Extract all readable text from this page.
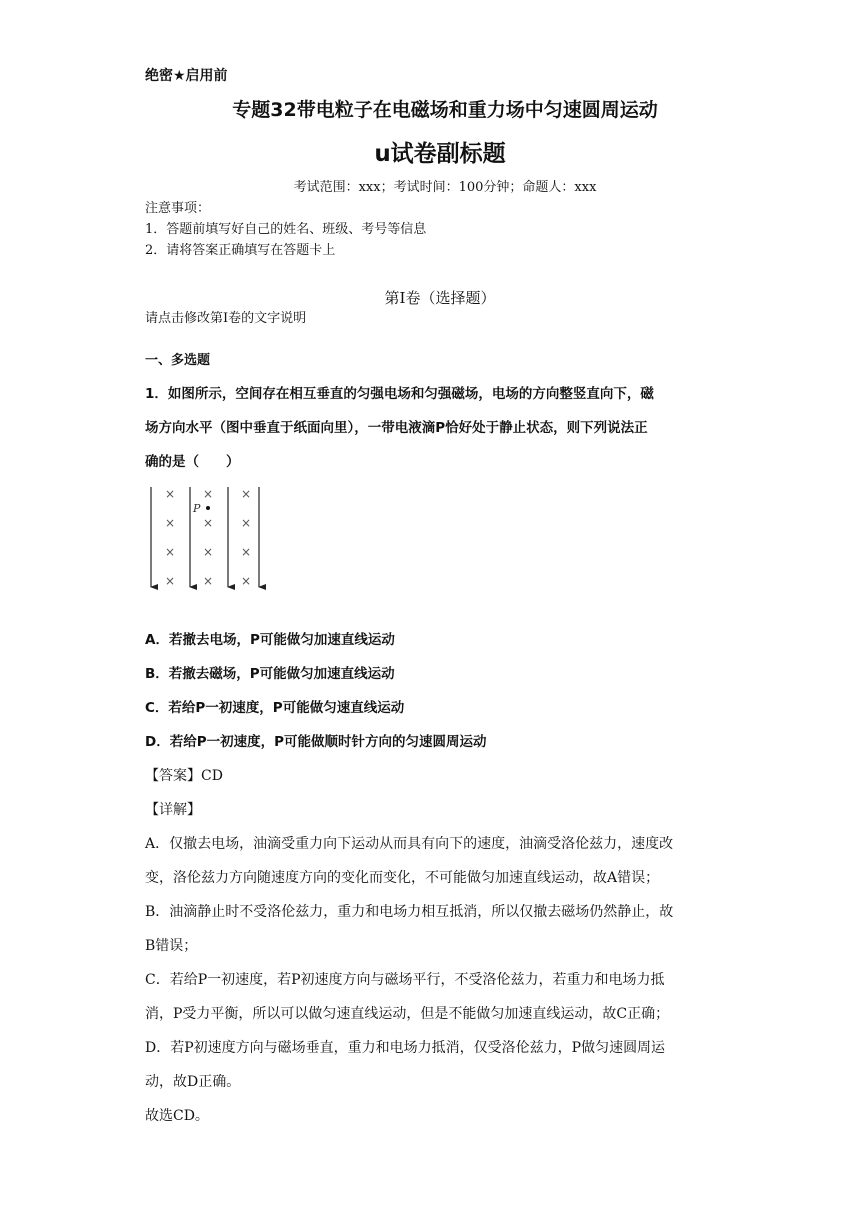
绝密★启用前
专题32带电粒子在电磁场和重力场中匀速圆周运动
u试卷副标题
考试范围：xxx；考试时间：100分钟；命题人：xxx
注意事项：
1．答题前填写好自己的姓名、班级、考号等信息
2．请将答案正确填写在答题卡上
第I卷（选择题）
请点击修改第I卷的文字说明
一、多选题
1．如图所示，空间存在相互垂直的匀强电场和匀强磁场，电场的方向整竖直向下，磁
场方向水平（图中垂直于纸面向里），一带电液滴P恰好处于静止状态，则下列说法正
确的是（　　）
× × ×
× × ×
× × ×
× × ×
P
A．若撤去电场，P可能做匀加速直线运动
B．若撤去磁场，P可能做匀加速直线运动
C．若给P一初速度，P可能做匀速直线运动
D．若给P一初速度，P可能做顺时针方向的匀速圆周运动
【答案】CD
【详解】
A．仅撤去电场，油滴受重力向下运动从而具有向下的速度，油滴受洛伦兹力，速度改
变，洛伦兹力方向随速度方向的变化而变化，不可能做匀加速直线运动，故A错误；
B．油滴静止时不受洛伦兹力，重力和电场力相互抵消，所以仅撤去磁场仍然静止，故
B错误；
C．若给P一初速度，若P初速度方向与磁场平行，不受洛伦兹力，若重力和电场力抵
消，P受力平衡，所以可以做匀速直线运动，但是不能做匀加速直线运动，故C正确；
D．若P初速度方向与磁场垂直，重力和电场力抵消，仅受洛伦兹力，P做匀速圆周运
动，故D正确。
故选CD。
